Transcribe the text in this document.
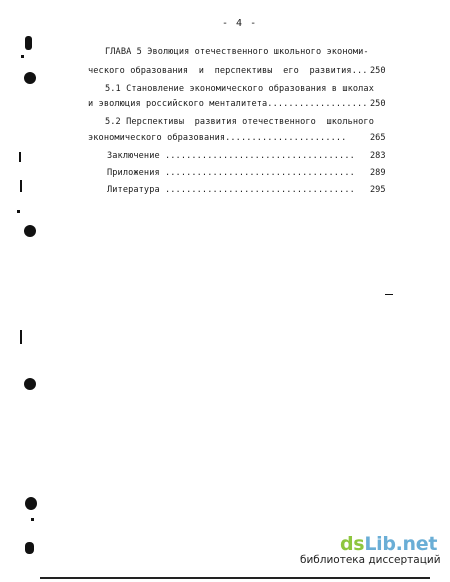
- 4 -
ГЛАВА 5 Эволюция отечественного школьного экономи-
ческого образования  и  перспективы  его  развития... 250
5.1 Становление экономического образования в школах
и эволюция российского менталитета................... 250
5.2 Перспективы  развития отечественного  школьного
экономического образования.......................	265
Заключение .................................... 283
Приложения .................................... 289
Литература .................................... 295
dsLib.net
библиотека диссертаций
